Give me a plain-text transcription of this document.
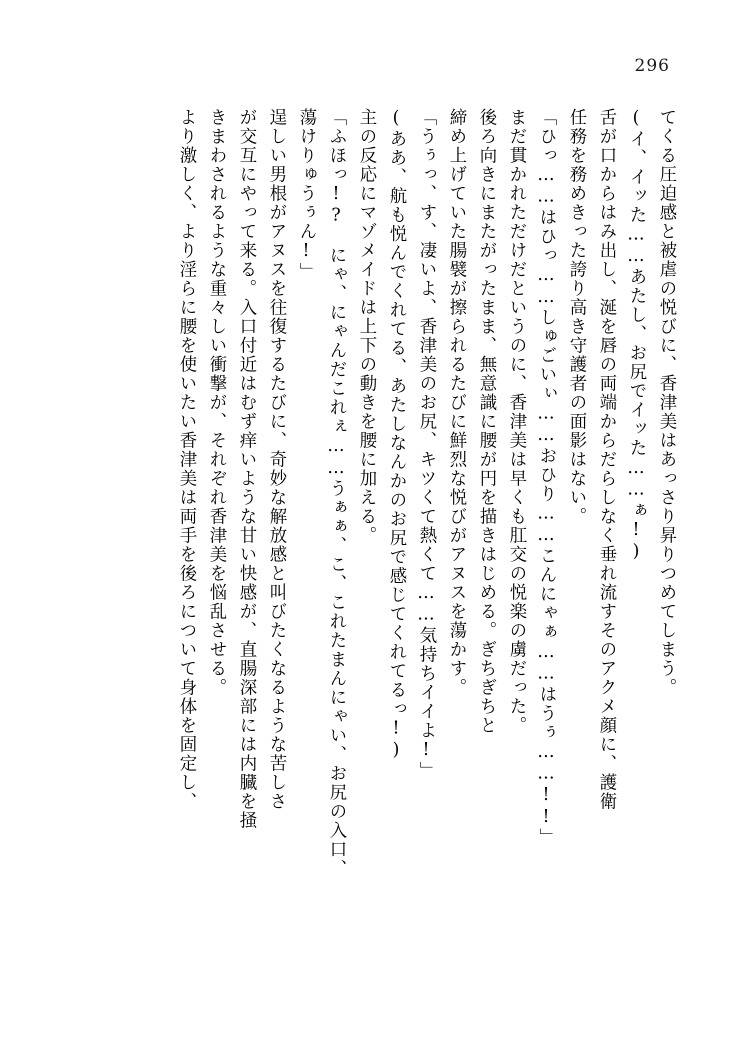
296
てくる圧迫感と被虐の悦びに、香津美はあっさり昇りつめてしまう。
(イ、イッた……あたし、お尻でイッた……ぁ!)
舌が口からはみ出し、涎を唇の両端からだらしなく垂れ流すそのアクメ顔に、護衛
任務を務めきった誇り高き守護者の面影はない。
「ひっ……はひっ……しゅごいぃ……おひり……こんにゃぁ……はうぅ……!!」
まだ貫かれただけだというのに、香津美は早くも肛交の悦楽の虜だった。
後ろ向きにまたがったまま、無意識に腰が円を描きはじめる。ぎちぎちと
締め上げていた腸襞が擦られるたびに鮮烈な悦びがアヌスを蕩かす。
「うぅっ、す、凄いよ、香津美のお尻、キツくて熱くて……気持ちイイよ!」
(ああ、航も悦んでくれてる、あたしなんかのお尻で感じてくれてるっ!)
主の反応にマゾメイドは上下の動きを腰に加える。
「ふほっ!?　にゃ、にゃんだこれぇ……うぁぁ、こ、これたまんにゃい、お尻の入口、
蕩けりゅうぅん!」
逞しい男根がアヌスを往復するたびに、奇妙な解放感と叫びたくなるような苦しさ
が交互にやって来る。入口付近はむず痒いような甘い快感が、直腸深部には内臓を掻
きまわされるような重々しい衝撃が、それぞれ香津美を悩乱させる。
より激しく、より淫らに腰を使いたい香津美は両手を後ろについて身体を固定し、
